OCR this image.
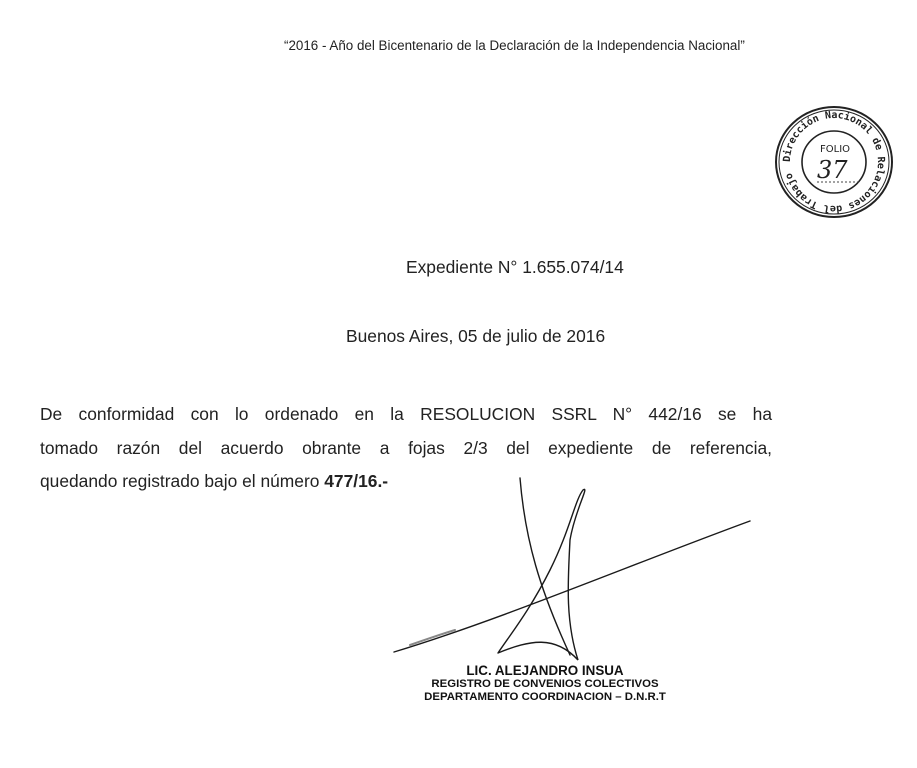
“2016 - Año del Bicentenario de la Declaración de la Independencia Nacional”
Dirección Nacional de Relaciones del Trabajo
FOLIO
37
Expediente N° 1.655.074/14
Buenos Aires, 05 de julio de 2016
De conformidad con lo ordenado en la RESOLUCION SSRL N° 442/16 se ha
tomado razón del acuerdo obrante a fojas 2/3 del expediente de referencia,
quedando registrado bajo el número 477/16.-
LIC. ALEJANDRO INSUA
REGISTRO DE CONVENIOS COLECTIVOS
DEPARTAMENTO COORDINACION – D.N.R.T
